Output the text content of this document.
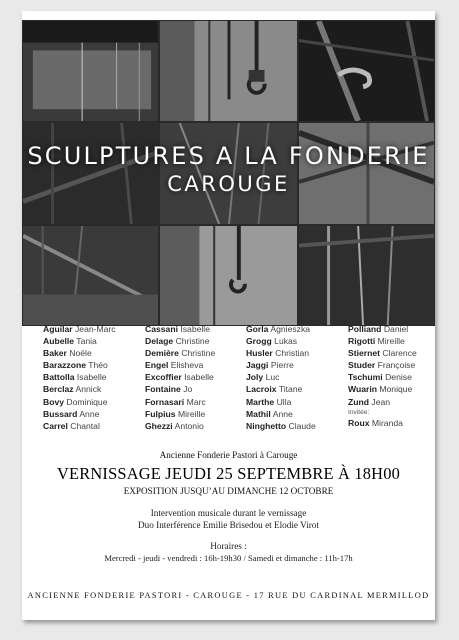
SCULPTURES A LA FONDERIE
CAROUGE
Aguilar Jean-Marc
Aubelle Tania
Baker Noële
Barazzone Théo
Battolla Isabelle
Berclaz Annick
Bovy Dominique
Bussard Anne
Carrel Chantal
Cassani Isabelle
Delage Christine
Demière Christine
Engel Elisheva
Excoffier Isabelle
Fontaine Jo
Fornasari Marc
Fulpius Mireille
Ghezzi Antonio
Gorla Agnieszka
Grogg Lukas
Husler Christian
Jaggi Pierre
Joly Luc
Lacroix Titane
Marthe Ulla
Mathil Anne
Ninghetto Claude
Polliand Daniel
Rigotti Mireille
Stiernet Clarence
Studer Françoise
Tschumi Denise
Wuarin Monique
Zund Jean
Invitée:
Roux Miranda
Ancienne Fonderie Pastori à Carouge
VERNISSAGE JEUDI 25 SEPTEMBRE À 18H00
EXPOSITION JUSQU’AU DIMANCHE 12 OCTOBRE
Intervention musicale durant le vernissage
Duo Interférence Emilie Brisedou et Elodie Virot
Horaires :
Mercredi - jeudi - vendredi : 16h-19h30 / Samedi et dimanche : 11h-17h
ANCIENNE FONDERIE PASTORI - CAROUGE - 17 RUE DU CARDINAL MERMILLOD
